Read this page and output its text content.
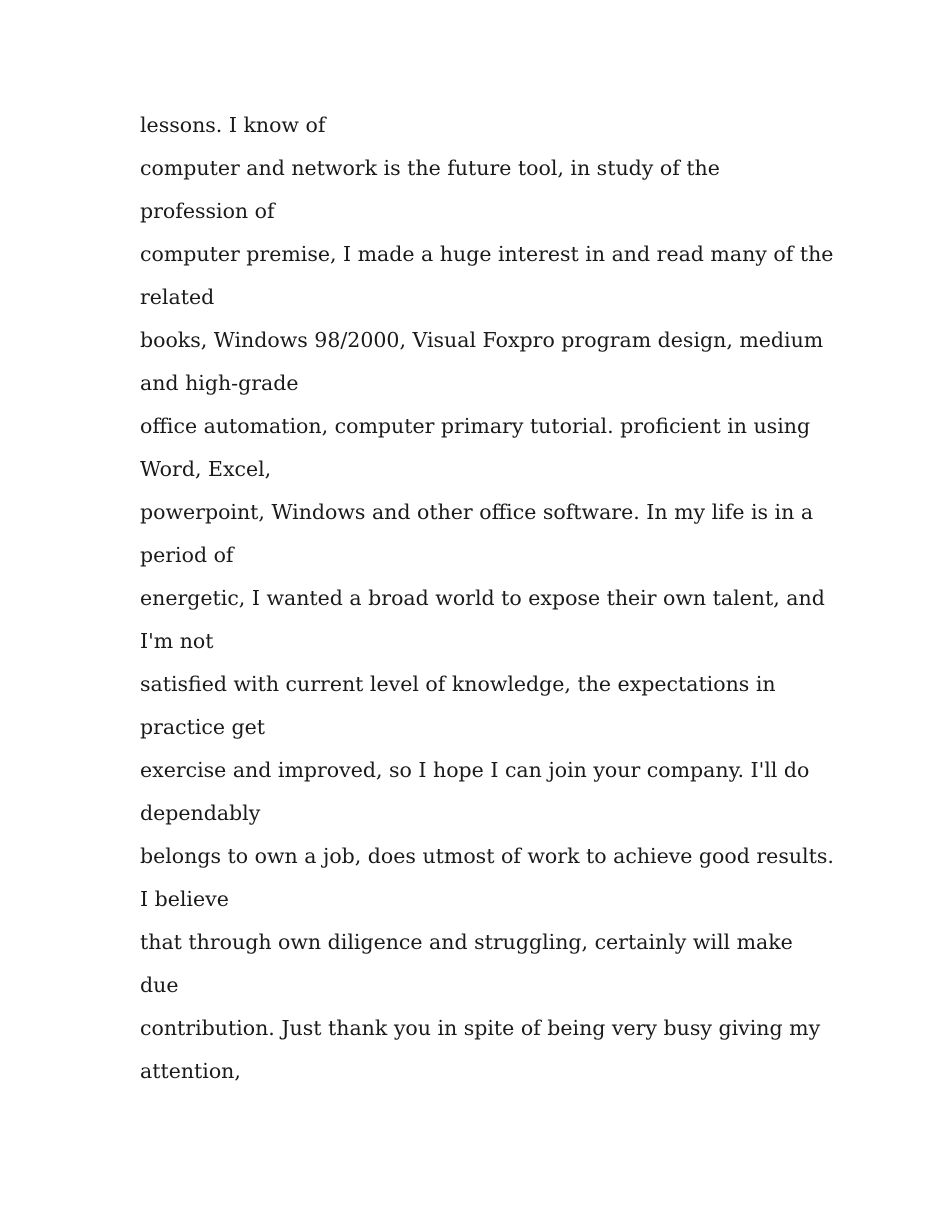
lessons. I know of
computer and network is the future tool, in study of the
profession of
computer premise, I made a huge interest in and read many of the
related
books, Windows 98/2000, Visual Foxpro program design, medium
and high-grade
office automation, computer primary tutorial. proficient in using
Word, Excel,
powerpoint, Windows and other office software. In my life is in a
period of
energetic, I wanted a broad world to expose their own talent, and
I'm not
satisfied with current level of knowledge, the expectations in
practice get
exercise and improved, so I hope I can join your company. I'll do
dependably
belongs to own a job, does utmost of work to achieve good results.
I believe
that through own diligence and struggling, certainly will make
due
contribution. Just thank you in spite of being very busy giving my
attention,
